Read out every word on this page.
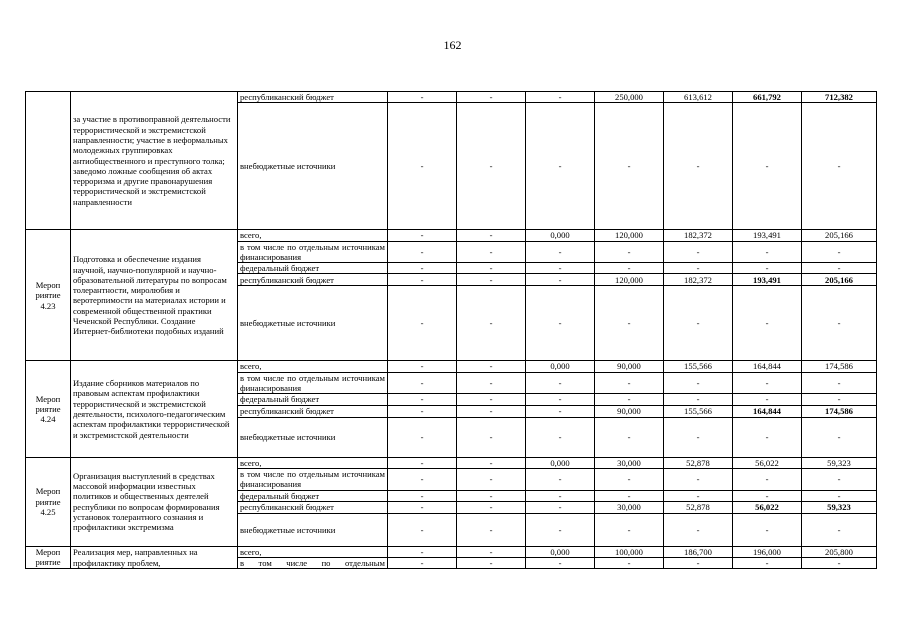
162
	за участие в противоправной деятельности террористической и экстремистской направленности; участие в неформальных молодежных группировках антиобщественного и преступного толка; заведомо ложные сообщения об актах терроризма и другие правонарушения террористической и экстремистской направленности	республиканский бюджет	-	-	-	250,000	613,612	661,792	712,382
		внебюджетные источники	-	-	-	-	-	-	-
Мероп риятие 4.23	Подготовка и обеспечение издания научной, научно-популярной и научно-образовательной литературы по вопросам толерантности, миролюбия и веротерпимости на материалах истории и современной общественной практики Чеченской Республики. Создание Интернет-библиотеки подобных изданий	всего,	-	-	0,000	120,000	182,372	193,491	205,166
		в том числе по отдельным источникам финансирования	-	-	-	-	-	-	-
		федеральный бюджет	-	-	-	-	-	-	-
		республиканский бюджет	-	-	-	120,000	182,372	193,491	205,166
		внебюджетные источники	-	-	-	-	-	-	-
Мероп риятие 4.24	Издание сборников материалов по правовым аспектам профилактики террористической и экстремистской деятельности, психолого-педагогическим аспектам профилактики террористической и экстремистской деятельности	всего,	-	-	0,000	90,000	155,566	164,844	174,586
		в том числе по отдельным источникам финансирования	-	-	-	-	-	-	-
		федеральный бюджет	-	-	-	-	-	-	-
		республиканский бюджет	-	-	-	90,000	155,566	164,844	174,586
		внебюджетные источники	-	-	-	-	-	-	-
Мероп риятие 4.25	Организация выступлений в средствах массовой информации известных политиков и общественных деятелей республики по вопросам формирования установок толерантного сознания и профилактики экстремизма	всего,	-	-	0,000	30,000	52,878	56,022	59,323
		в том числе по отдельным источникам финансирования	-	-	-	-	-	-	-
		федеральный бюджет	-	-	-	-	-	-	-
		республиканский бюджет	-	-	-	30,000	52,878	56,022	59,323
		внебюджетные источники	-	-	-	-	-	-	-
Мероп риятие	Реализация мер, направленных на профилактику проблем,	всего,	-	-	0,000	100,000	186,700	196,000	205,800
		в том числе по отдельным	-	-	-	-	-	-	-
